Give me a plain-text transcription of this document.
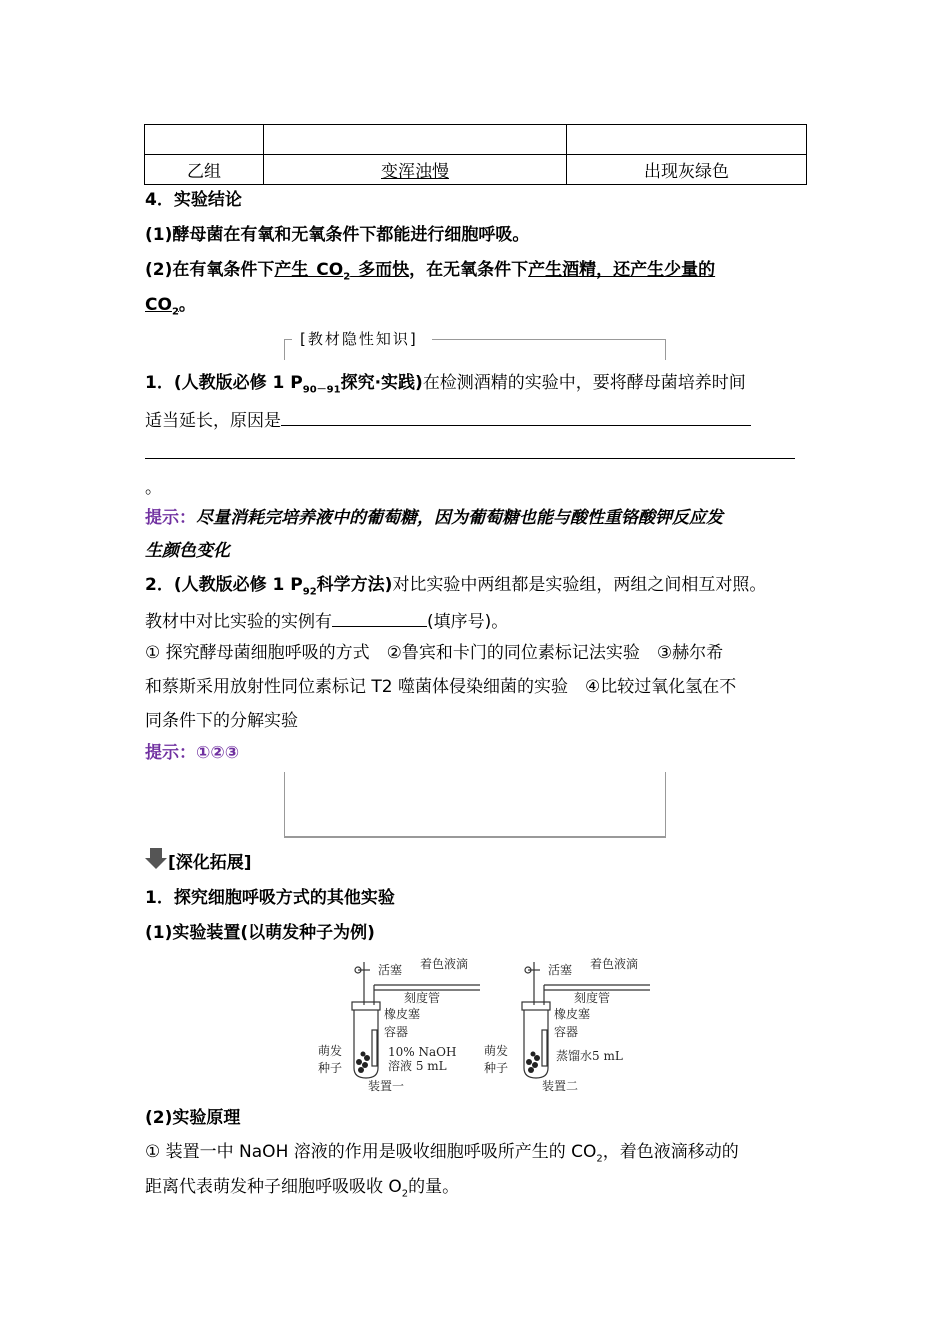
乙组	变浑浊慢	出现灰绿色
4．实验结论
(1)酵母菌在有氧和无氧条件下都能进行细胞呼吸。
(2)在有氧条件下产生 $CO_2$ 多而快，在无氧条件下产生酒精，还产生少量的
$CO_2$。
[教材隐性知识]
1．(人教版必修 1 $P_{90-91}$探究·实践)在检测酒精的实验中，要将酵母菌培养时间
适当延长，原因是
。
提示：尽量消耗完培养液中的葡萄糖，因为葡萄糖也能与酸性重铬酸钾反应发
生颜色变化
2．(人教版必修 1 $P_{92}$科学方法)对比实验中两组都是实验组，两组之间相互对照。
教材中对比实验的实例有	(填序号)。
① 探究酵母菌细胞呼吸的方式　②鲁宾和卡门的同位素标记法实验　③赫尔希
和蔡斯采用放射性同位素标记 T2 噬菌体侵染细菌的实验　④比较过氧化氢在不
同条件下的分解实验
提示：①②③
[深化拓展]
1．探究细胞呼吸方式的其他实验
(1)实验装置(以萌发种子为例)
活塞 着色液滴
刻度管
橡皮塞
容器
萌发
种子
10% NaOH
溶液 5 mL
装置一
活塞 着色液滴
刻度管
橡皮塞
容器
萌发
种子
蒸馏水5 mL
装置二
(2)实验原理
① 装置一中 NaOH 溶液的作用是吸收细胞呼吸所产生的 $CO_2$，着色液滴移动的
距离代表萌发种子细胞呼吸吸收 $O_2$的量。
